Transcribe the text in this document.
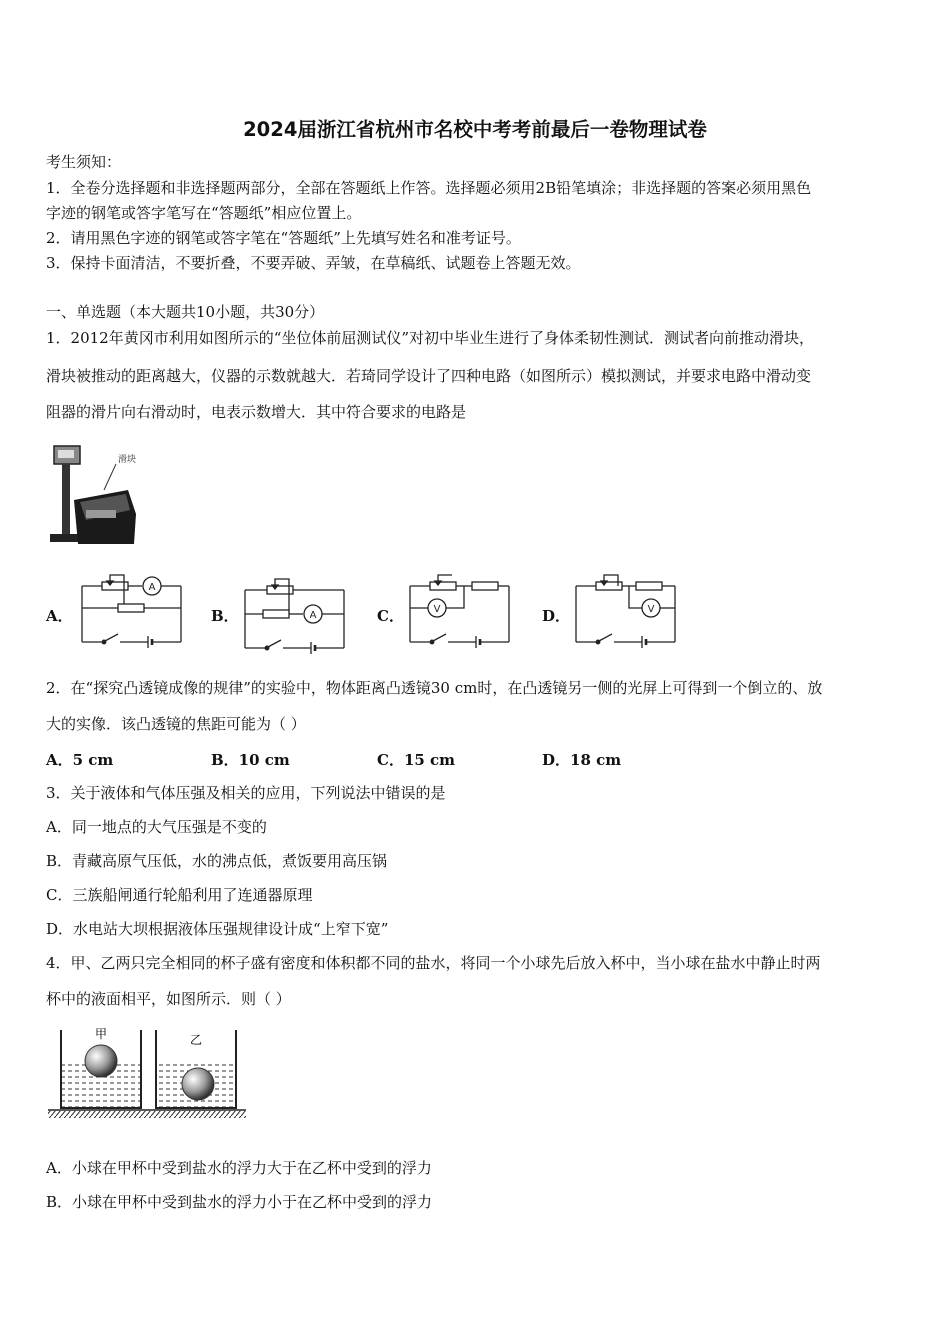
2024届浙江省杭州市名校中考考前最后一卷物理试卷
考生须知：
1．全卷分选择题和非选择题两部分，全部在答题纸上作答。选择题必须用2B铅笔填涂；非选择题的答案必须用黑色
字迹的钢笔或答字笔写在“答题纸”相应位置上。
2．请用黑色字迹的钢笔或答字笔在“答题纸”上先填写姓名和准考证号。
3．保持卡面清洁，不要折叠，不要弄破、弄皱，在草稿纸、试题卷上答题无效。
一、单选题（本大题共10小题，共30分）
1．2012年黄冈市利用如图所示的“坐位体前屈测试仪”对初中毕业生进行了身体柔韧性测试．测试者向前推动滑块，
滑块被推动的距离越大，仪器的示数就越大．若琦同学设计了四种电路（如图所示）模拟测试，并要求电路中滑动变
阻器的滑片向右滑动时，电表示数增大．其中符合要求的电路是
滑块
A．	B．	C．	D．
A
A
V	V
2．在“探究凸透镜成像的规律”的实验中，物体距离凸透镜30 cm时，在凸透镜另一侧的光屏上可得到一个倒立的、放
大的实像．该凸透镜的焦距可能为（ ）
A．5 cm	B．10 cm	C．15 cm	D．18 cm
3．关于液体和气体压强及相关的应用，下列说法中错误的是
A．同一地点的大气压强是不变的
B．青藏高原气压低，水的沸点低，煮饭要用高压锅
C．三族船闸通行轮船利用了连通器原理
D．水电站大坝根据液体压强规律设计成“上窄下宽”
4．甲、乙两只完全相同的杯子盛有密度和体积都不同的盐水，将同一个小球先后放入杯中，当小球在盐水中静止时两
杯中的液面相平，如图所示．则（ ）
甲	乙
A．小球在甲杯中受到盐水的浮力大于在乙杯中受到的浮力
B．小球在甲杯中受到盐水的浮力小于在乙杯中受到的浮力
